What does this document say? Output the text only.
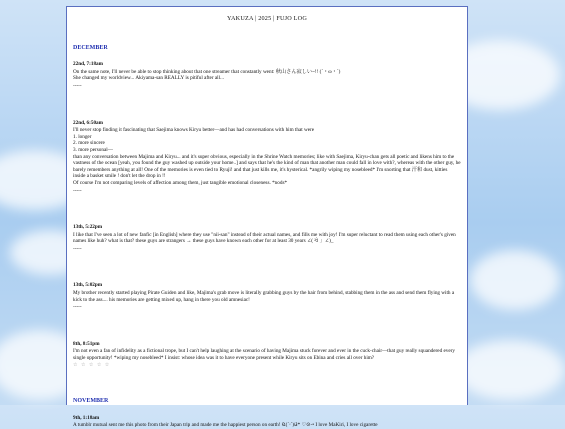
YAKUZA | 2025 | FUJO LOG
DECEMBER
22nd, 7:18am

On the same note, I'll never be able to stop thinking about that one streamer that constantly went: 秋山さん寂しい~!! (´・ω・`)

She changed my worldview... Akiyama-san REALLY is pitiful after all...

-----
22nd, 6:50am

I'll never stop finding it fascinating that Saejima knows Kiryu better—and has had conversations with him that were

1. longer

2. more sincere

3. more personal—

than any conversation between Majima and Kiryu... and it's super obvious, especially in the Shrine Watch memories; like with Saejima, Kiryu-chan gets all poetic and likens him to the vastness of the ocean [yeah, you found the guy washed up outside your home..] and says that he's the kind of man that another man could fall in love with?, whereas with the other guy, he barely remembers anything at all! One of the memories is even tied to Ryuji! and that just kills me, it's hysterical. *angrily wiping my nosebleed* I'm snorting that 汗和 dust, kitties inside a basket smile ! don't let the drop in !!

Of course I'm not comparing levels of affection among them, just tangible emotional closeness. *nods*

-----
13th, 5:22pm

I like that I've seen a lot of new fanfic [in English] where they use "nii-san" instead of their actual names, and fills me with joy! I'm super reluctant to read them using each other's given names like huh? what is that? these guys are strangers → these guys have known each other for at least 30 years ∠( ᐛ 」∠)_

-----
13th, 5:02pm

My brother recently started playing Pirate Guiden and like, Majima's grab move is literally grabbing guys by the hair from behind, stabbing them in the ass and send them flying with a kick to the ass.... his memories are getting mixed up, hang in there you old amnesiac!

-----
8th, 8:51pm

I'm not even a fan of infidelity as a fictional trope, but I can't help laughing at the scenario of having Majima stuck forever and ever in the cuck-chair—that guy really squandered every single opportunity! *wiping my nosebleed* I insist: whose idea was it to have everyone present while Kiryu sits on Ebina and cries all over him?

☆ ☆ ☆ ☆ ☆

NOVEMBER
9th, 1:18am

A tumblr mutual sent me this photo from their Japan trip and made me the happiest person on earth! ପ(ˊᵕˋ)ଓ* ♡⊙-• I love MaKiri, I love cigarette
